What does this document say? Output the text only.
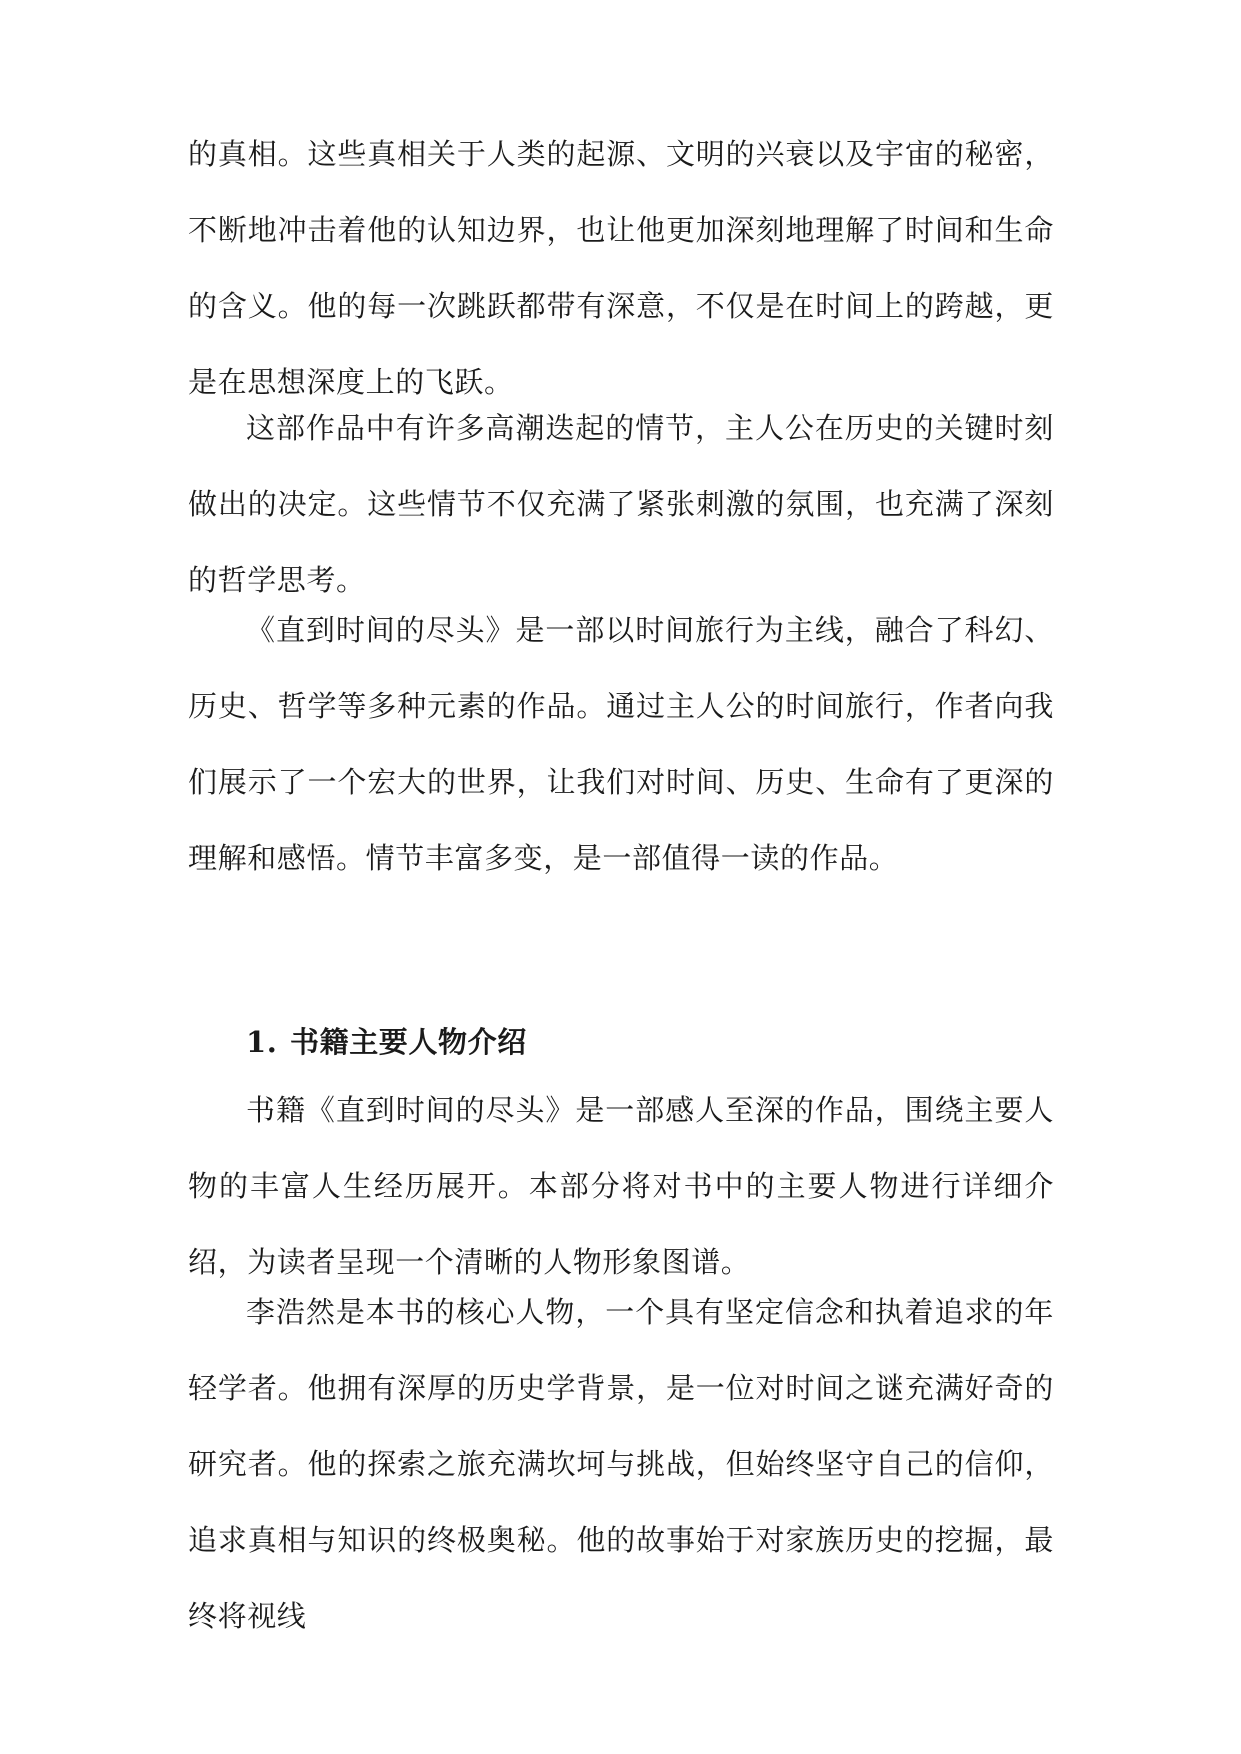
的真相。这些真相关于人类的起源、文明的兴衰以及宇宙的秘密，不断地冲击着他的认知边界，也让他更加深刻地理解了时间和生命的含义。他的每一次跳跃都带有深意，不仅是在时间上的跨越，更是在思想深度上的飞跃。

这部作品中有许多高潮迭起的情节，主人公在历史的关键时刻做出的决定。这些情节不仅充满了紧张刺激的氛围，也充满了深刻的哲学思考。

《直到时间的尽头》是一部以时间旅行为主线，融合了科幻、历史、哲学等多种元素的作品。通过主人公的时间旅行，作者向我们展示了一个宏大的世界，让我们对时间、历史、生命有了更深的理解和感悟。情节丰富多变，是一部值得一读的作品。

1. 书籍主要人物介绍

书籍《直到时间的尽头》是一部感人至深的作品，围绕主要人物的丰富人生经历展开。本部分将对书中的主要人物进行详细介绍，为读者呈现一个清晰的人物形象图谱。

李浩然是本书的核心人物，一个具有坚定信念和执着追求的年轻学者。他拥有深厚的历史学背景，是一位对时间之谜充满好奇的研究者。他的探索之旅充满坎坷与挑战，但始终坚守自己的信仰，追求真相与知识的终极奥秘。他的故事始于对家族历史的挖掘，最终将视线
